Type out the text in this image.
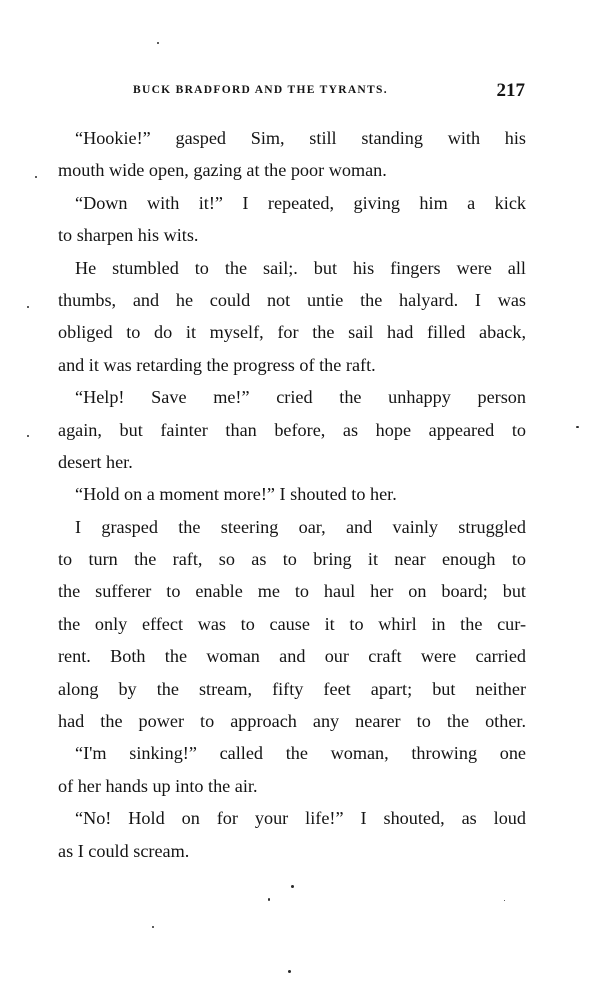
BUCK BRADFORD AND THE TYRANTS.	217
“Hookie!” gasped Sim, still standing with his
mouth wide open, gazing at the poor woman.
“Down with it!” I repeated, giving him a kick
to sharpen his wits.
He stumbled to the sail;. but his fingers were all
thumbs, and he could not untie the halyard. I was
obliged to do it myself, for the sail had filled aback,
and it was retarding the progress of the raft.
“Help! Save me!” cried the unhappy person
again, but fainter than before, as hope appeared to
desert her.
“Hold on a moment more!” I shouted to her.
I grasped the steering oar, and vainly struggled
to turn the raft, so as to bring it near enough to
the sufferer to enable me to haul her on board; but
the only effect was to cause it to whirl in the cur-
rent. Both the woman and our craft were carried
along by the stream, fifty feet apart; but neither
had the power to approach any nearer to the other.
“I'm sinking!” called the woman, throwing one
of her hands up into the air.
“No! Hold on for your life!” I shouted, as loud
as I could scream.
